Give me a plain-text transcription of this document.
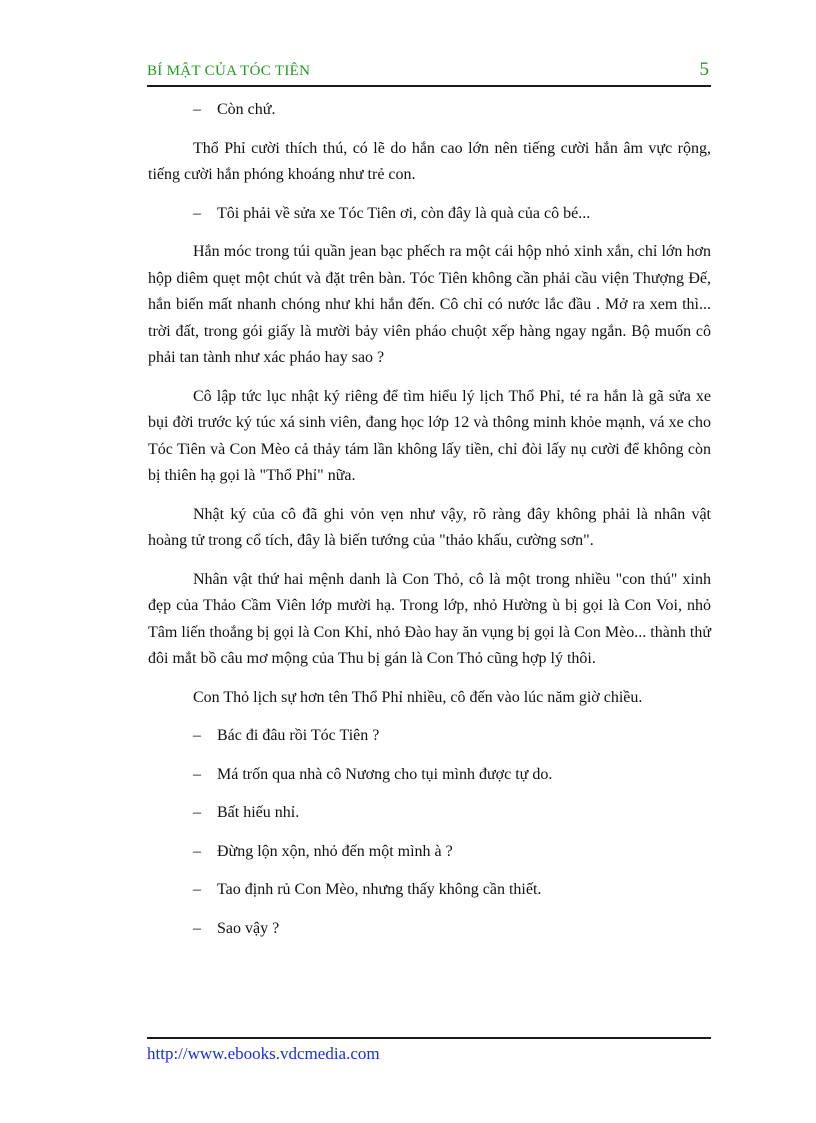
BÍ MẬT CỦA TÓC TIÊN	5
– Còn chứ.

Thổ Phỉ cười thích thú, có lẽ do hắn cao lớn nên tiếng cười hắn âm vực rộng, tiếng cười hắn phóng khoáng như trẻ con.

– Tôi phải về sửa xe Tóc Tiên ơi, còn đây là quà của cô bé...

Hắn móc trong túi quần jean bạc phếch ra một cái hộp nhỏ xinh xắn, chỉ lớn hơn hộp diêm quẹt một chút và đặt trên bàn. Tóc Tiên không cần phải cầu viện Thượng Đế, hắn biến mất nhanh chóng như khi hắn đến. Cô chỉ có nước lắc đầu . Mở ra xem thì... trời đất, trong gói giấy là mười bảy viên pháo chuột xếp hàng ngay ngắn. Bộ muốn cô phải tan tành như xác pháo hay sao ?

Cô lập tức lục nhật ký riêng để tìm hiểu lý lịch Thổ Phỉ, té ra hắn là gã sửa xe bụi đời trước ký túc xá sinh viên, đang học lớp 12 và thông minh khỏe mạnh, vá xe cho Tóc Tiên và Con Mèo cả thảy tám lần không lấy tiền, chỉ đòi lấy nụ cười để không còn bị thiên hạ gọi là "Thổ Phỉ" nữa.

Nhật ký của cô đã ghi vỏn vẹn như vậy, rõ ràng đây không phải là nhân vật hoàng tử trong cổ tích, đây là biến tướng của "thảo khấu, cường sơn".

Nhân vật thứ hai mệnh danh là Con Thỏ, cô là một trong nhiều "con thú" xinh đẹp của Thảo Cầm Viên lớp mười hạ. Trong lớp, nhỏ Hường ù bị gọi là Con Voi, nhỏ Tâm liến thoắng bị gọi là Con Khỉ, nhỏ Đào hay ăn vụng bị gọi là Con Mèo... thành thử đôi mắt bồ câu mơ mộng của Thu bị gán là Con Thỏ cũng hợp lý thôi.

Con Thỏ lịch sự hơn tên Thổ Phỉ nhiều, cô đến vào lúc năm giờ chiều.

– Bác đi đâu rồi Tóc Tiên ?
– Má trốn qua nhà cô Nương cho tụi mình được tự do.
– Bất hiếu nhỉ.
– Đừng lộn xộn, nhỏ đến một mình à ?
– Tao định rủ Con Mèo, nhưng thấy không cần thiết.
– Sao vậy ?
http://www.ebooks.vdcmedia.com
